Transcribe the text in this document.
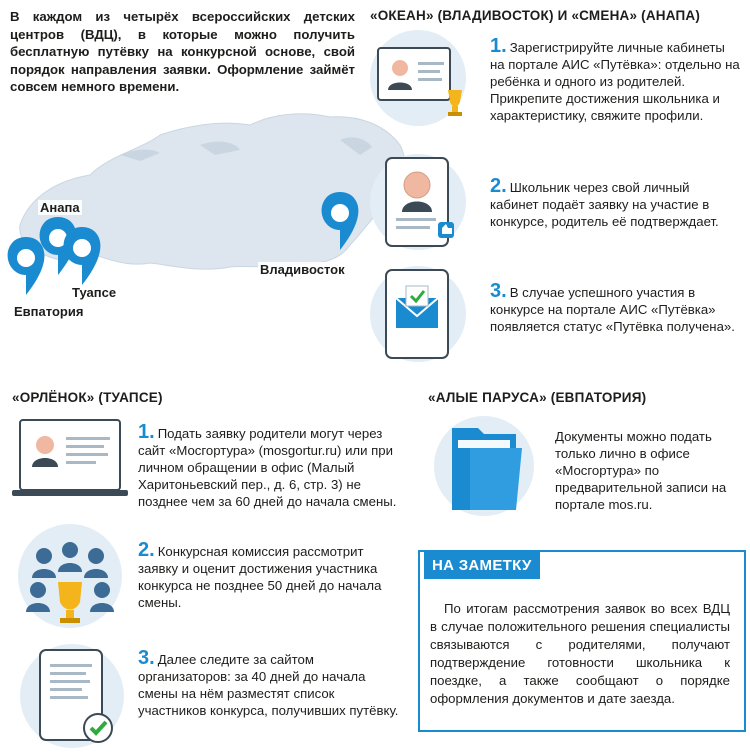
В каждом из четырёх всероссийских детских центров (ВДЦ), в которые можно получить бесплатную путёвку на конкурсной основе, свой порядок направления заявки. Оформление займёт совсем немного времени.
Анапа
Туапсе
Евпатория
Владивосток
«ОКЕАН» (ВЛАДИВОСТОК) И «СМЕНА» (АНАПА)
1. Зарегистрируйте личные кабинеты на портале АИС «Путёвка»: отдельно на ребёнка и одного из родителей. Прикрепите достижения школьника и характеристику, свяжите профили.
2. Школьник через свой личный кабинет подаёт заявку на участие в конкурсе, родитель её подтверждает.
3. В случае успешного участия в конкурсе на портале АИС «Путёвка» появляется статус «Путёвка получена».
«ОРЛЁНОК» (ТУАПСЕ)
1. Подать заявку родители могут через сайт «Мосгортура» (mosgortur.ru) или при личном обращении в офис (Малый Харитоньевский пер., д. 6, стр. 3) не позднее чем за 60 дней до начала смены.
2. Конкурсная комиссия рассмотрит заявку и оценит достижения участника конкурса не позднее 50 дней до начала смены.
3. Далее следите за сайтом организаторов: за 40 дней до начала смены на нём разместят список участников конкурса, получивших путёвку.
«АЛЫЕ ПАРУСА» (ЕВПАТОРИЯ)
Документы можно подать только лично в офисе «Мосгортура» по предварительной записи на портале mos.ru.
НА ЗАМЕТКУ
По итогам рассмотрения заявок во всех ВДЦ в случае положительного решения специалисты связываются с родителями, получают подтверждение готовности школьника к поездке, а также сообщают о порядке оформления документов и дате заезда.
